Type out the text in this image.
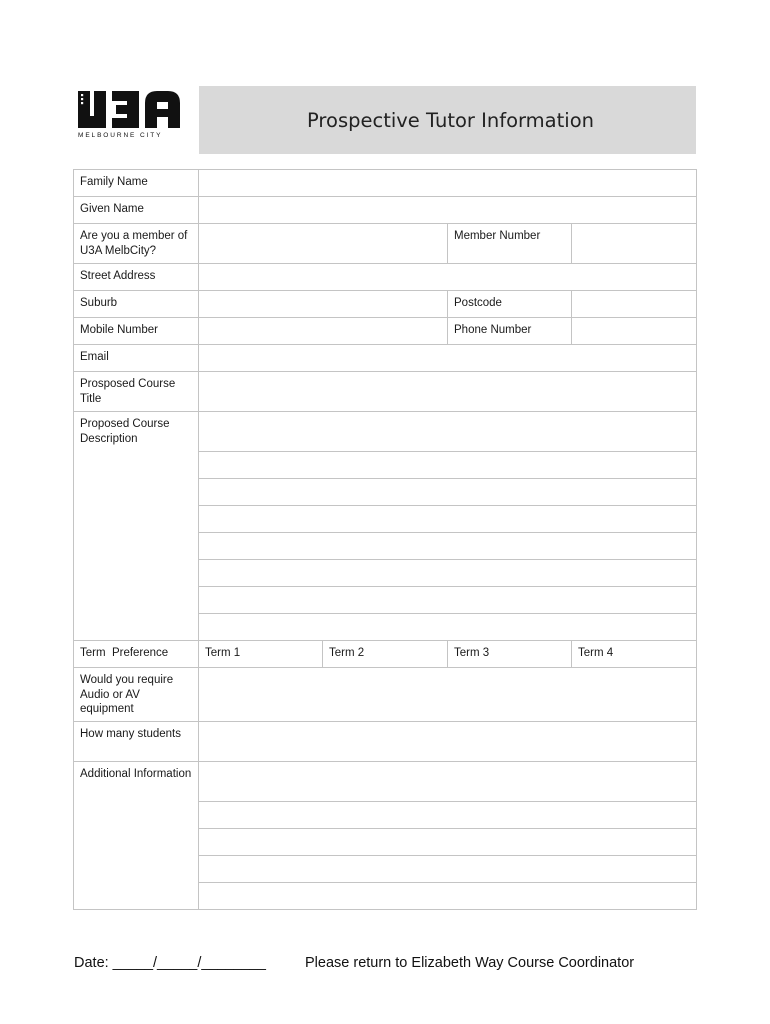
MELBOURNE CITY
Prospective Tutor Information
Family Name				
Given Name				
Are you a member of U3A MelbCity?			Member Number	
Street Address				
Suburb			Postcode	
Mobile Number			Phone Number	
Email				
Prosposed Course Title				
Proposed Course Description				

Term  Preference	Term 1	Term 2	Term 3	Term 4
Would you require Audio or AV equipment				
How many students				
Additional Information				

Date: _____/_____/________	Please return to Elizabeth Way Course Coordinator
